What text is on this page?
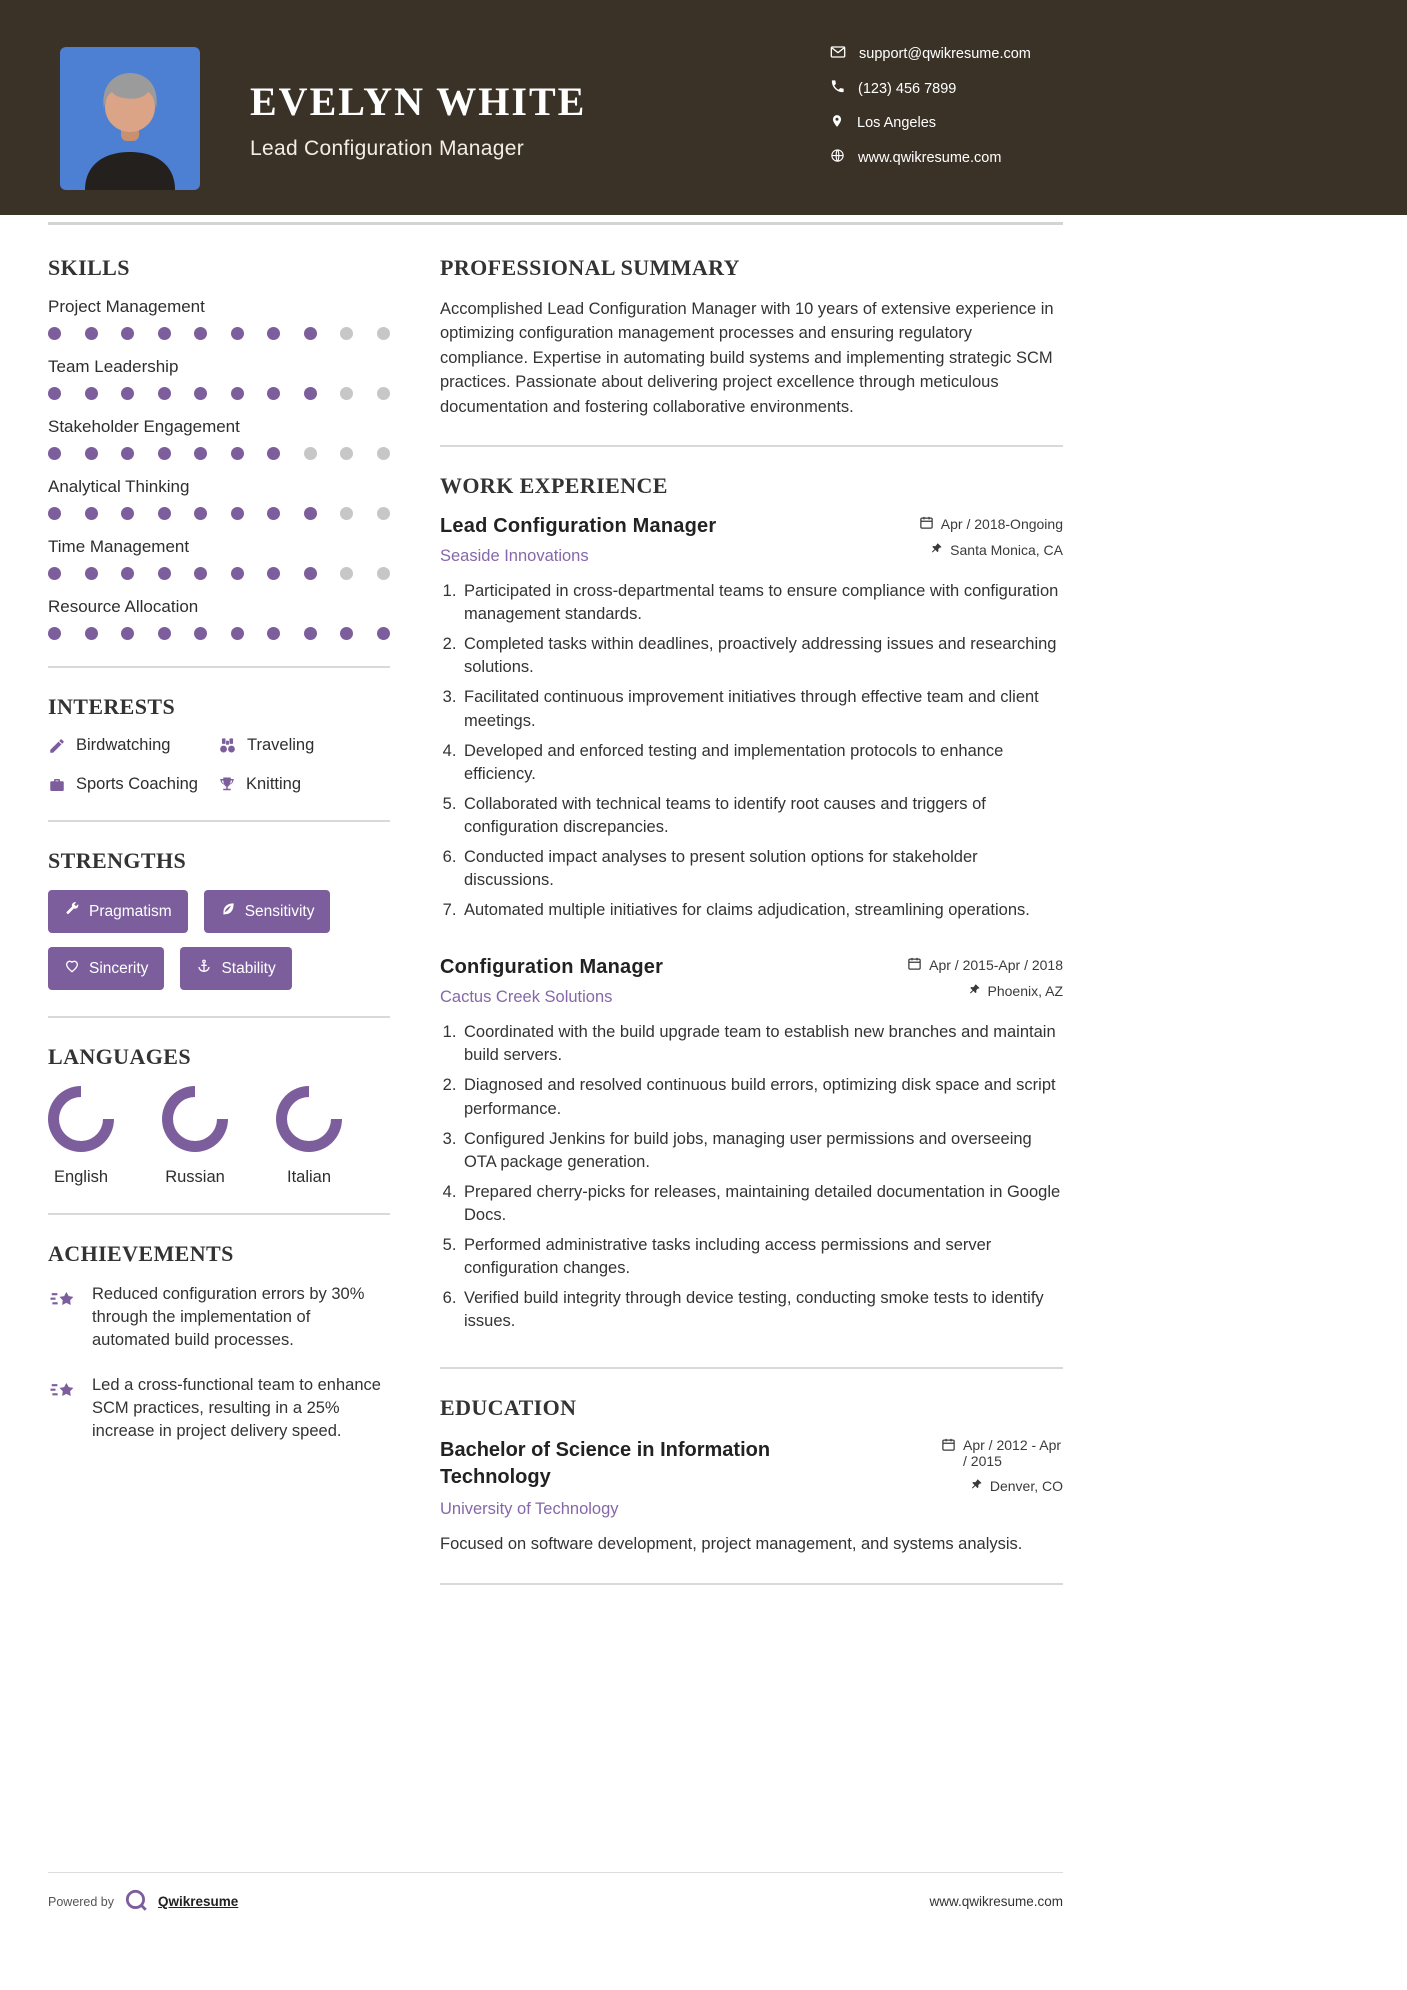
EVELYN WHITE
Lead Configuration Manager
support@qwikresume.com
(123) 456 7899
Los Angeles
www.qwikresume.com
SKILLS
Project Management
Team Leadership
Stakeholder Engagement
Analytical Thinking
Time Management
Resource Allocation
INTERESTS
Birdwatching	Traveling
Sports Coaching	Knitting
STRENGTHS
Pragmatism	Sensitivity
Sincerity	Stability
LANGUAGES
English	Russian	Italian
ACHIEVEMENTS
Reduced configuration errors by 30% through the implementation of automated build processes.
Led a cross-functional team to enhance SCM practices, resulting in a 25% increase in project delivery speed.
PROFESSIONAL SUMMARY

Accomplished Lead Configuration Manager with 10 years of extensive experience in optimizing configuration management processes and ensuring regulatory compliance. Expertise in automating build systems and implementing strategic SCM practices. Passionate about delivering project excellence through meticulous documentation and fostering collaborative environments.

WORK EXPERIENCE
Lead Configuration Manager
Seaside Innovations
Apr / 2018-Ongoing
Santa Monica, CA
1. Participated in cross-departmental teams to ensure compliance with configuration management standards.
2. Completed tasks within deadlines, proactively addressing issues and researching solutions.
3. Facilitated continuous improvement initiatives through effective team and client meetings.
4. Developed and enforced testing and implementation protocols to enhance efficiency.
5. Collaborated with technical teams to identify root causes and triggers of configuration discrepancies.
6. Conducted impact analyses to present solution options for stakeholder discussions.
7. Automated multiple initiatives for claims adjudication, streamlining operations.
Configuration Manager
Cactus Creek Solutions
Apr / 2015-Apr / 2018
Phoenix, AZ
1. Coordinated with the build upgrade team to establish new branches and maintain build servers.
2. Diagnosed and resolved continuous build errors, optimizing disk space and script performance.
3. Configured Jenkins for build jobs, managing user permissions and overseeing OTA package generation.
4. Prepared cherry-picks for releases, maintaining detailed documentation in Google Docs.
5. Performed administrative tasks including access permissions and server configuration changes.
6. Verified build integrity through device testing, conducting smoke tests to identify issues.
EDUCATION
Bachelor of Science in Information Technology
University of Technology
Apr / 2012 - Apr / 2015
Denver, CO
Focused on software development, project management, and systems analysis.
Powered by	Qwikresume	www.qwikresume.com
